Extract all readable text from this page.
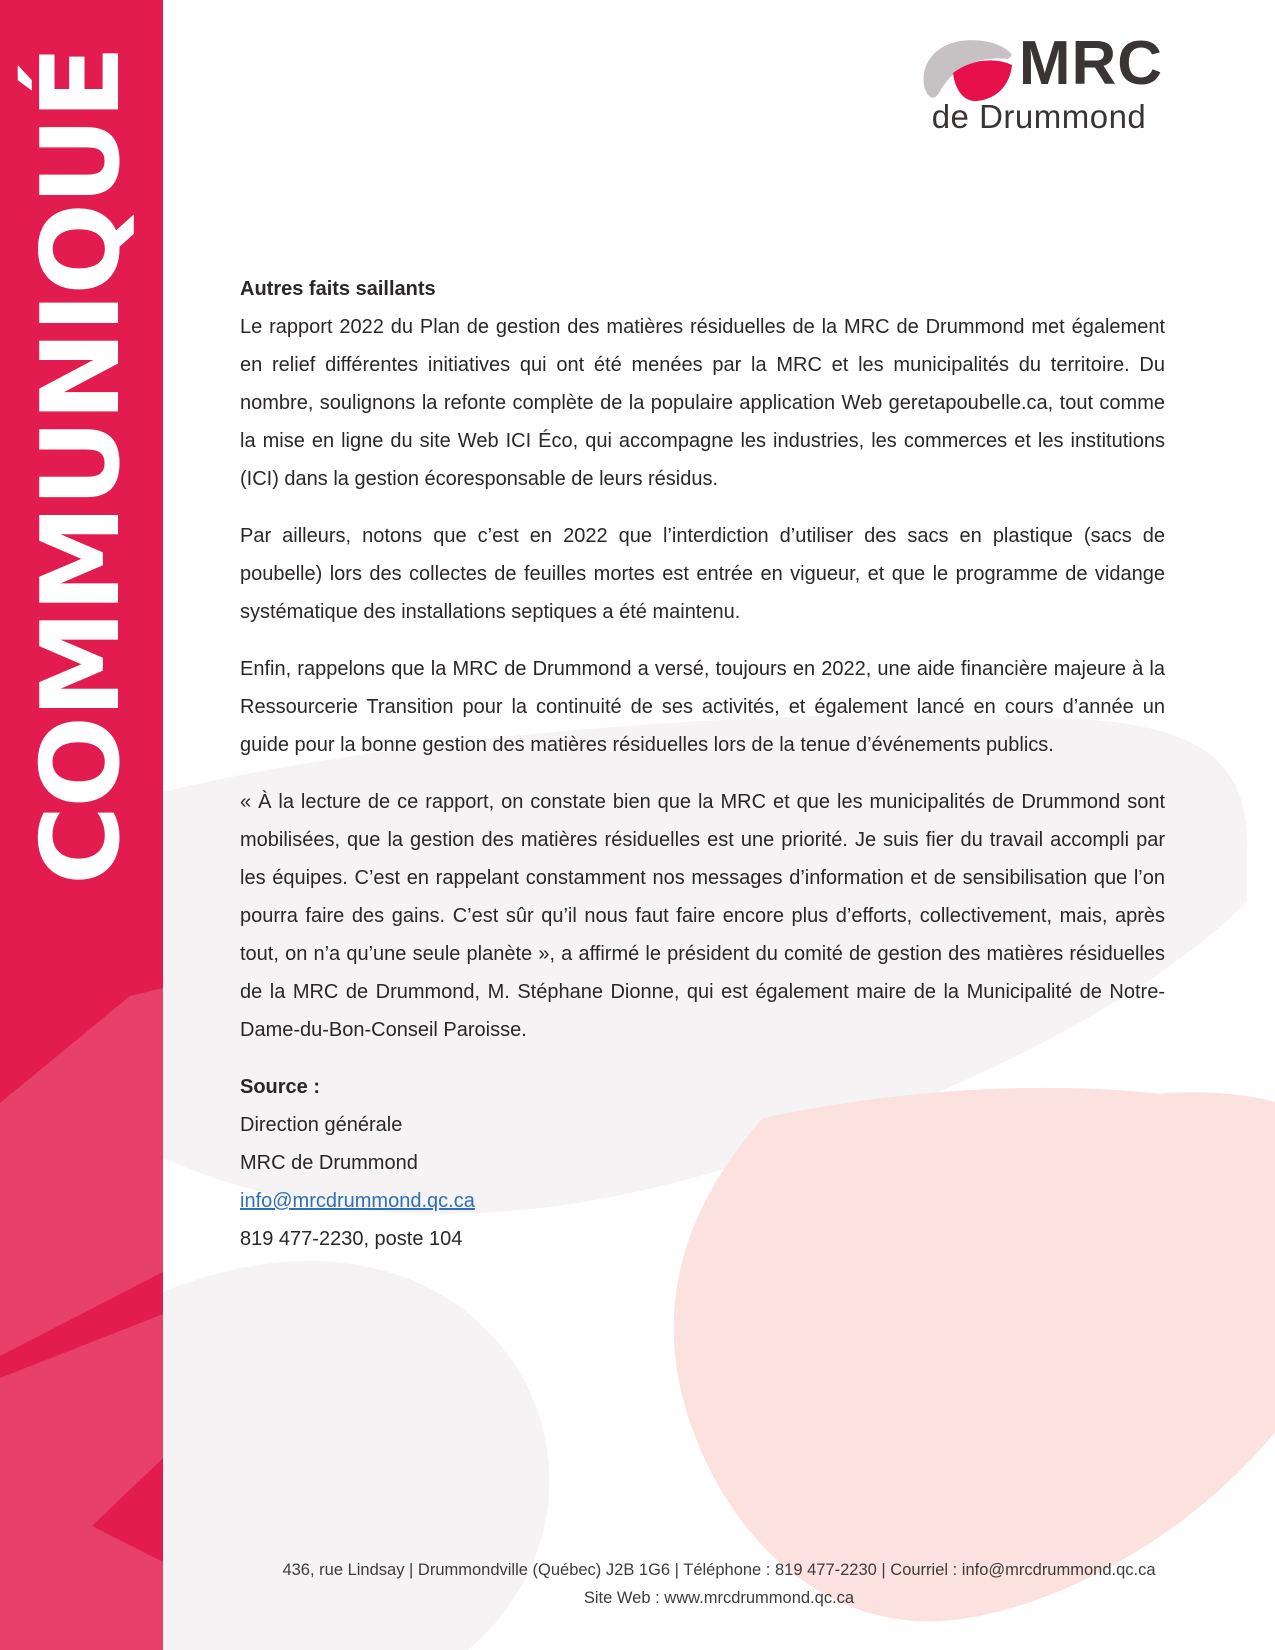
COMMUNIQUÉ	MRC
de Drummond
Autres faits saillants

Le rapport 2022 du Plan de gestion des matières résiduelles de la MRC de Drummond met également en relief différentes initiatives qui ont été menées par la MRC et les municipalités du territoire. Du nombre, soulignons la refonte complète de la populaire application Web geretapoubelle.ca, tout comme la mise en ligne du site Web ICI Éco, qui accompagne les industries, les commerces et les institutions (ICI) dans la gestion écoresponsable de leurs résidus.

Par ailleurs, notons que c’est en 2022 que l’interdiction d’utiliser des sacs en plastique (sacs de poubelle) lors des collectes de feuilles mortes est entrée en vigueur, et que le programme de vidange systématique des installations septiques a été maintenu.

Enfin, rappelons que la MRC de Drummond a versé, toujours en 2022, une aide financière majeure à la Ressourcerie Transition pour la continuité de ses activités, et également lancé en cours d’année un guide pour la bonne gestion des matières résiduelles lors de la tenue d’événements publics.

« À la lecture de ce rapport, on constate bien que la MRC et que les municipalités de Drummond sont mobilisées, que la gestion des matières résiduelles est une priorité. Je suis fier du travail accompli par les équipes. C’est en rappelant constamment nos messages d’information et de sensibilisation que l’on pourra faire des gains. C’est sûr qu’il nous faut faire encore plus d’efforts, collectivement, mais, après tout, on n’a qu’une seule planète », a affirmé le président du comité de gestion des matières résiduelles de la MRC de Drummond, M. Stéphane Dionne, qui est également maire de la Municipalité de Notre-Dame-du-Bon-Conseil Paroisse.

Source :
Direction générale
MRC de Drummond
info@mrcdrummond.qc.ca
819 477-2230, poste 104
436, rue Lindsay | Drummondville (Québec) J2B 1G6 | Téléphone : 819 477-2230 | Courriel : info@mrcdrummond.qc.ca
Site Web : www.mrcdrummond.qc.ca
